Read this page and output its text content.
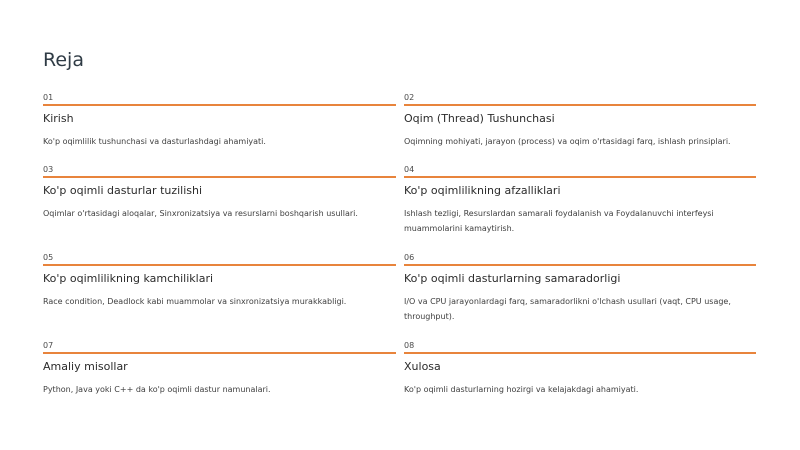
Reja
01
Kirish
Ko'p oqimlilik tushunchasi va dasturlashdagi ahamiyati.
02
Oqim (Thread) Tushunchasi
Oqimning mohiyati, jarayon (process) va oqim o'rtasidagi farq, ishlash prinsiplari.
03
Ko'p oqimli dasturlar tuzilishi
Oqimlar o'rtasidagi aloqalar, Sinxronizatsiya va resurslarni boshqarish usullari.
04
Ko'p oqimlilikning afzalliklari
Ishlash tezligi, Resurslardan samarali foydalanish va Foydalanuvchi interfeysi muammolarini kamaytirish.
05
Ko'p oqimlilikning kamchiliklari
Race condition, Deadlock kabi muammolar va sinxronizatsiya murakkabligi.
06
Ko'p oqimli dasturlarning samaradorligi
I/O va CPU jarayonlardagi farq, samaradorlikni o'lchash usullari (vaqt, CPU usage, throughput).
07
Amaliy misollar
Python, Java yoki C++ da ko'p oqimli dastur namunalari.
08
Xulosa
Ko'p oqimli dasturlarning hozirgi va kelajakdagi ahamiyati.
